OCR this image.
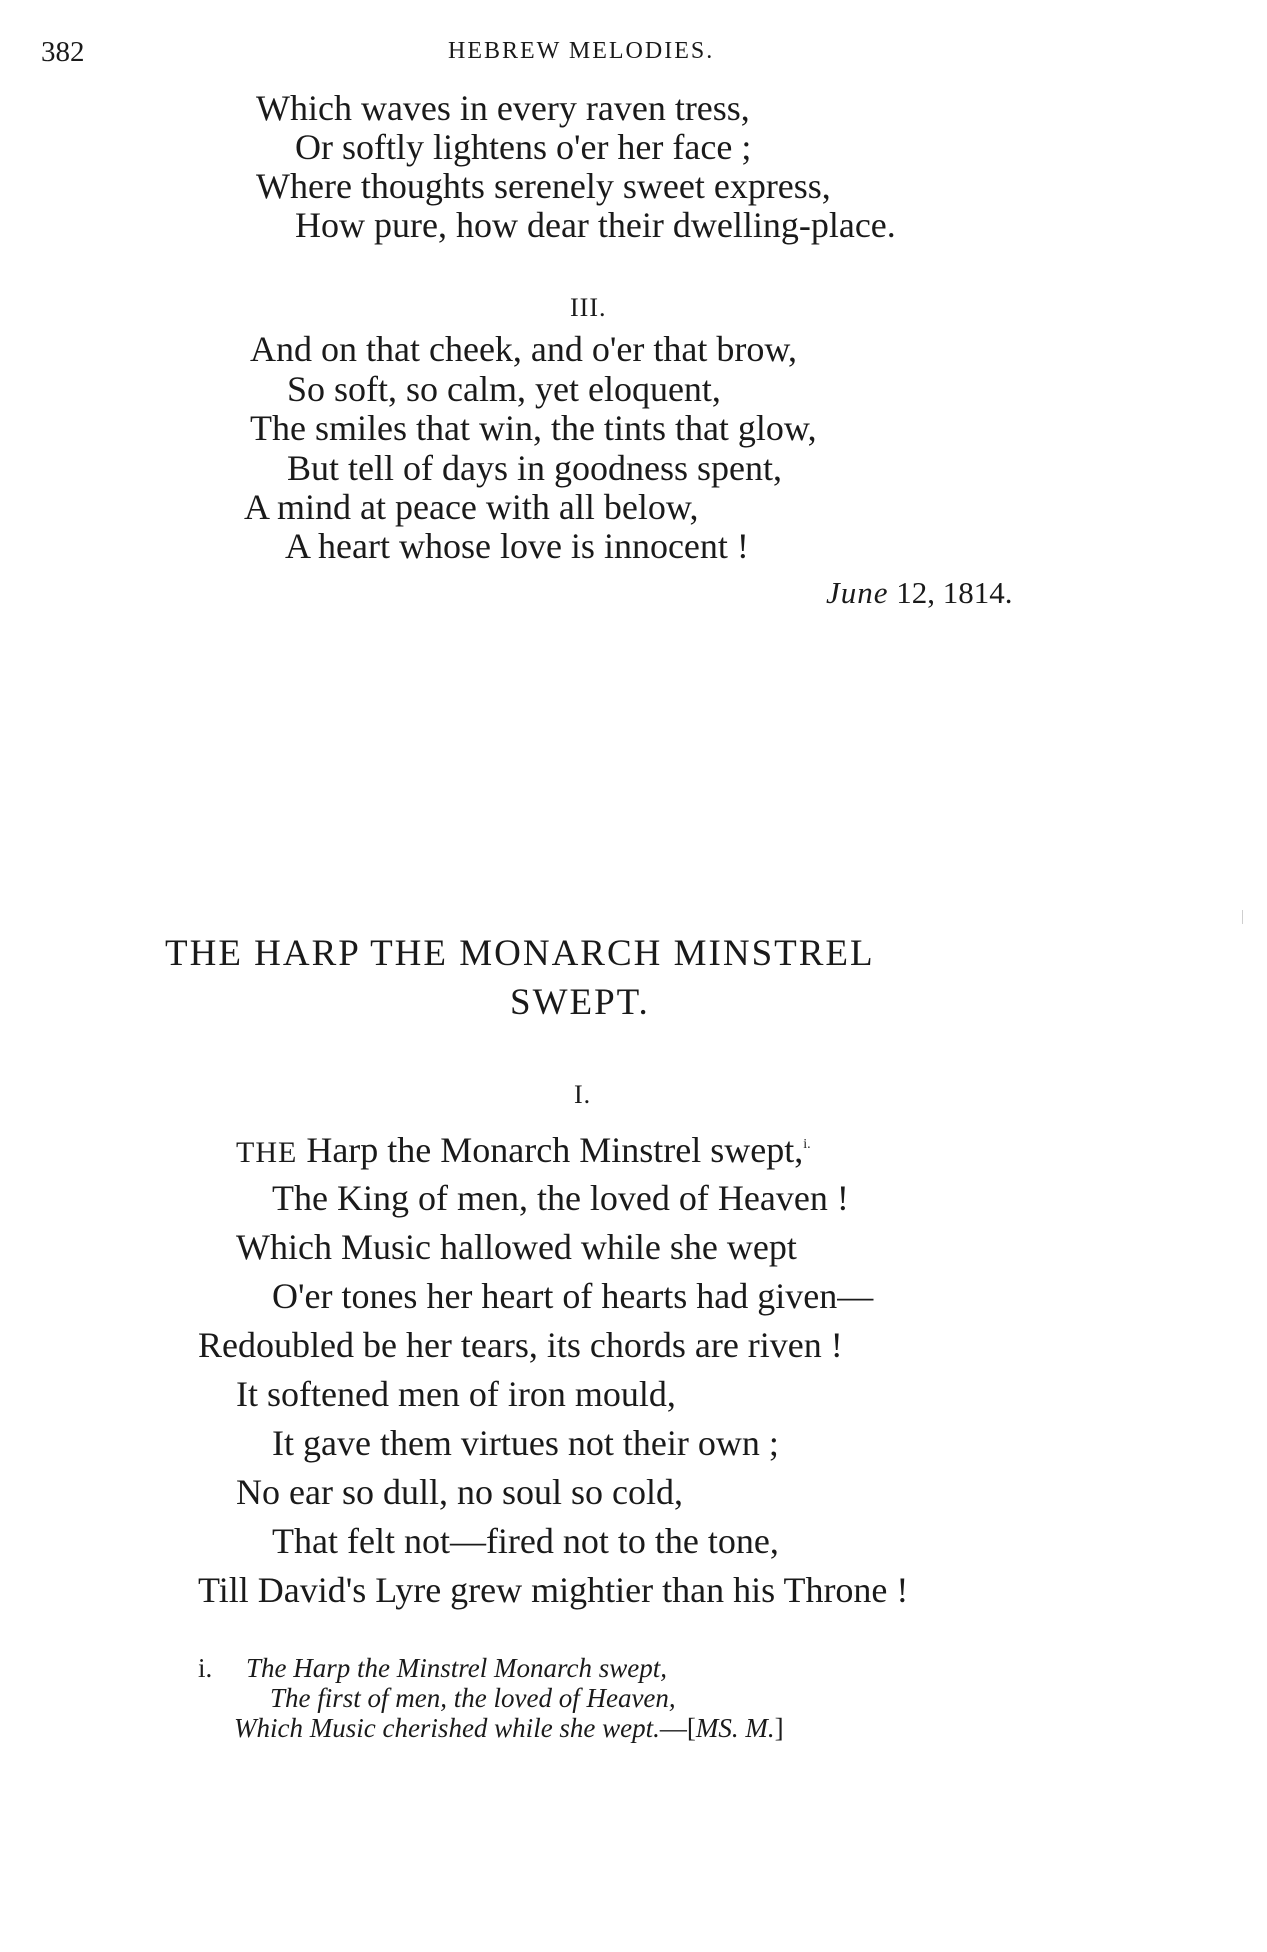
382	HEBREW MELODIES.
Which waves in every raven tress,
Or softly lightens o'er her face ;
Where thoughts serenely sweet express,
How pure, how dear their dwelling-place.
III.
And on that cheek, and o'er that brow,
So soft, so calm, yet eloquent,
The smiles that win, the tints that glow,
But tell of days in goodness spent,
A mind at peace with all below,
A heart whose love is innocent !
June 12, 1814.
THE HARP THE MONARCH MINSTREL
SWEPT.
I.
THE Harp the Monarch Minstrel swept,$^{i.}$
The King of men, the loved of Heaven !
Which Music hallowed while she wept
O'er tones her heart of hearts had given—
Redoubled be her tears, its chords are riven !
It softened men of iron mould,
It gave them virtues not their own ;
No ear so dull, no soul so cold,
That felt not—fired not to the tone,
Till David's Lyre grew mightier than his Throne !
i. The Harp the Minstrel Monarch swept,
The first of men, the loved of Heaven,
Which Music cherished while she wept.—[MS. M.]
